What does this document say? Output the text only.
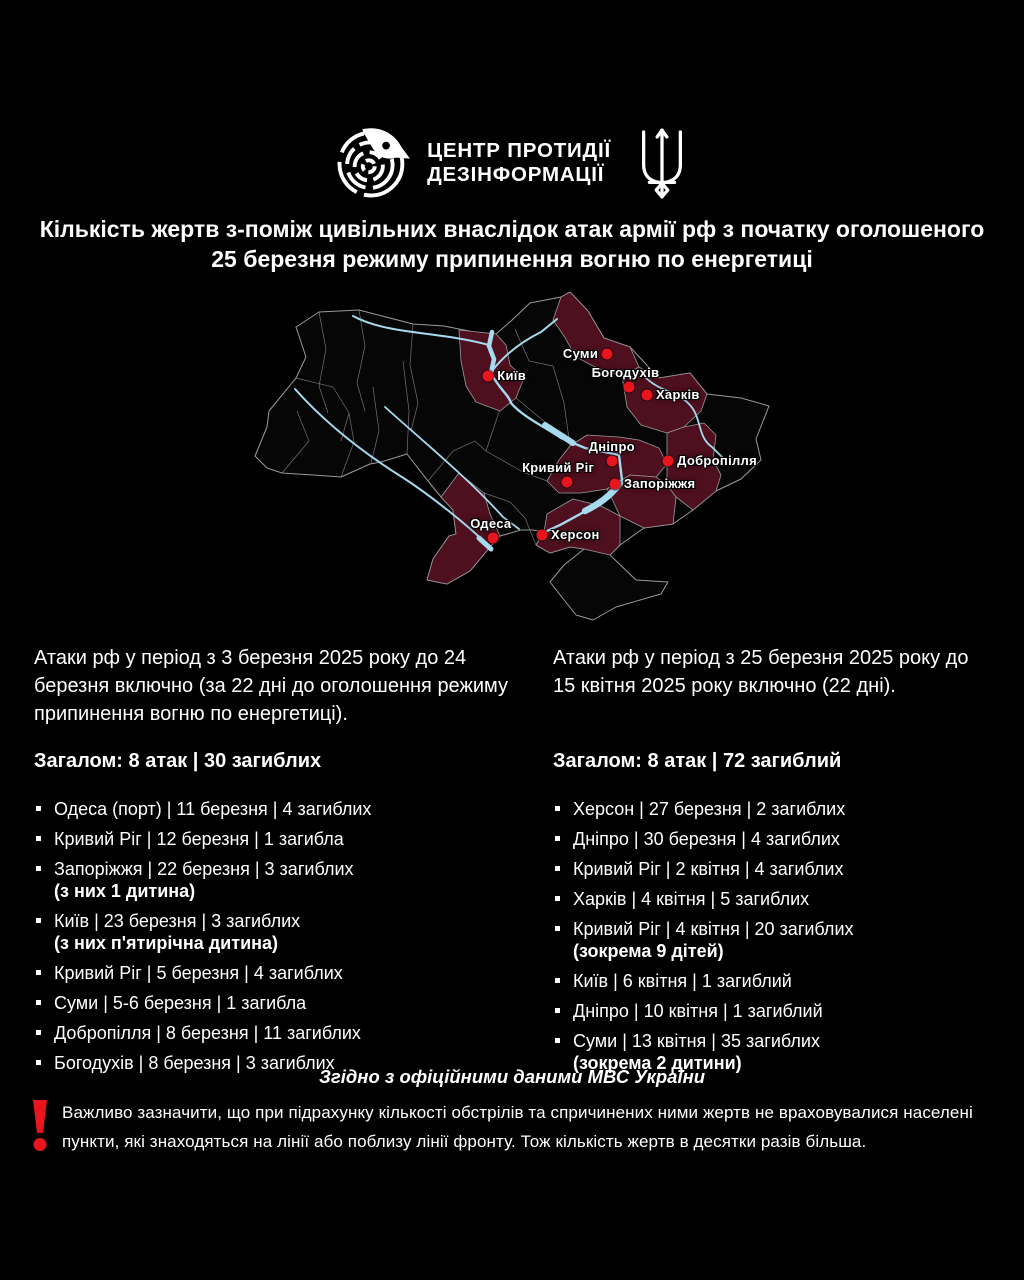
ЦЕНТР ПРОТИДІЇ
ДЕЗІНФОРМАЦІЇ
Кількість жертв з-поміж цивільних внаслідок атак армії рф з початку оголошеного
25 березня режиму припинення вогню по енергетиці
Суми
Київ	Богодухів
Харків
Дніпро
Добропілля
Кривий Ріг
Запоріжжя
Одеса
Херсон

Атаки рф у період з 3 березня 2025 року до 24 березня включно (за 22 дні до оголошення режиму припинення вогню по енергетиці).

Загалом: 8 атак | 30 загиблих

Одеса (порт) | 11 березня | 4 загиблих
Кривий Ріг | 12 березня | 1 загибла
Запоріжжя | 22 березня | 3 загиблих
(з них 1 дитина)
Київ | 23 березня | 3 загиблих
(з них п'ятирічна дитина)
Кривий Ріг | 5 березня | 4 загиблих
Суми | 5-6 березня | 1 загибла
Добропілля | 8 березня | 11 загиблих
Богодухів | 8 березня | 3 загиблих

Атаки рф у період з 25 березня 2025 року до 15 квітня 2025 року включно (22 дні).

Загалом: 8 атак | 72 загиблий

Херсон | 27 березня | 2 загиблих
Дніпро | 30 березня | 4 загиблих
Кривий Ріг | 2 квітня | 4 загиблих
Харків | 4 квітня | 5 загиблих
Кривий Ріг | 4 квітня | 20 загиблих
(зокрема 9 дітей)
Київ | 6 квітня | 1 загиблий
Дніпро | 10 квітня | 1 загиблий
Суми | 13 квітня | 35 загиблих
(зокрема 2 дитини)
Згідно з офіційними даними МВС України
Важливо зазначити, що при підрахунку кількості обстрілів та спричинених ними жертв не враховувалися населені пункти, які знаходяться на лінії або поблизу лінії фронту. Тож кількість жертв в десятки разів більша.
